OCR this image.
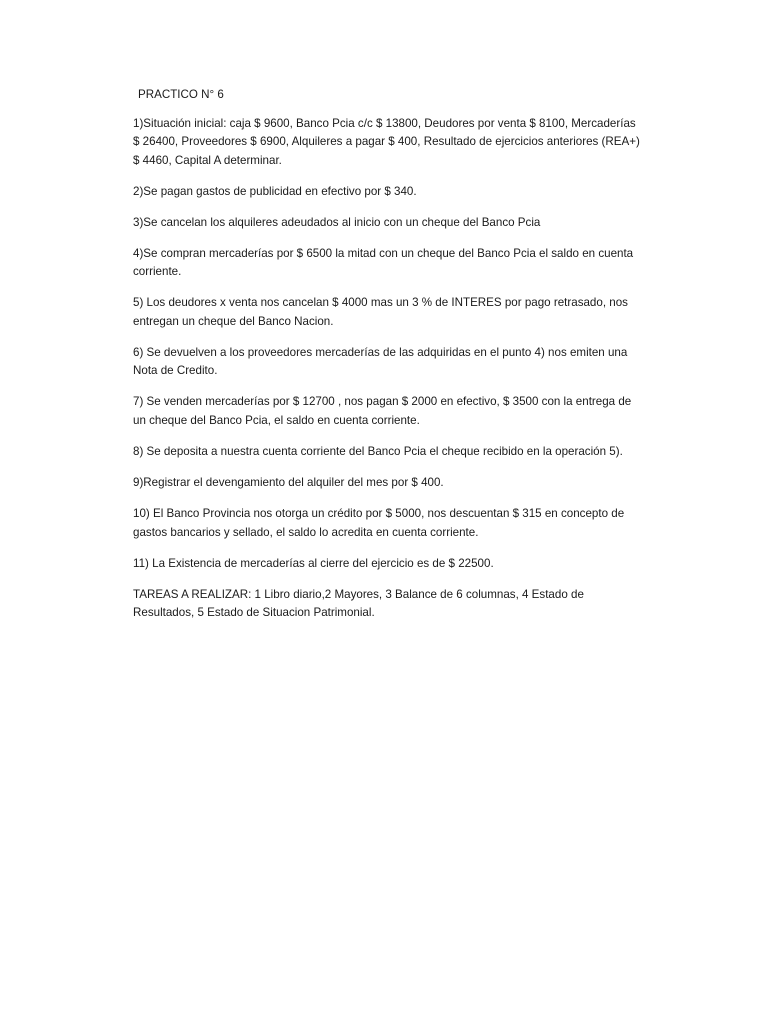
PRACTICO N° 6

1)Situación inicial: caja $ 9600, Banco Pcia c/c $ 13800, Deudores por venta $ 8100, Mercaderías $ 26400, Proveedores $ 6900, Alquileres a pagar $ 400, Resultado de ejercicios anteriores (REA+) $ 4460, Capital A determinar.

2)Se pagan gastos de publicidad en efectivo por $ 340.

3)Se cancelan los alquileres adeudados al inicio con un cheque del Banco Pcia

4)Se compran mercaderías por $ 6500 la mitad con un cheque del Banco Pcia el saldo en cuenta corriente.

5) Los deudores x venta nos cancelan $ 4000 mas un 3 % de INTERES por pago retrasado, nos entregan un cheque del Banco Nacion.

6) Se devuelven a los proveedores mercaderías de las adquiridas en el punto 4) nos emiten una Nota de Credito.

7) Se venden mercaderías por $ 12700 , nos pagan $ 2000 en efectivo, $ 3500 con la entrega de un cheque del Banco Pcia, el saldo en cuenta corriente.

8) Se deposita a nuestra cuenta corriente del Banco Pcia el cheque recibido en la operación 5).

9)Registrar el devengamiento del alquiler del mes por $ 400.

10) El Banco Provincia nos otorga un crédito por $ 5000, nos descuentan $ 315 en concepto de gastos bancarios y sellado, el saldo lo acredita en cuenta corriente.

11) La Existencia de mercaderías al cierre del ejercicio es de $ 22500.

TAREAS A REALIZAR: 1 Libro diario,2 Mayores, 3 Balance de 6 columnas, 4 Estado de Resultados, 5 Estado de Situacion Patrimonial.
